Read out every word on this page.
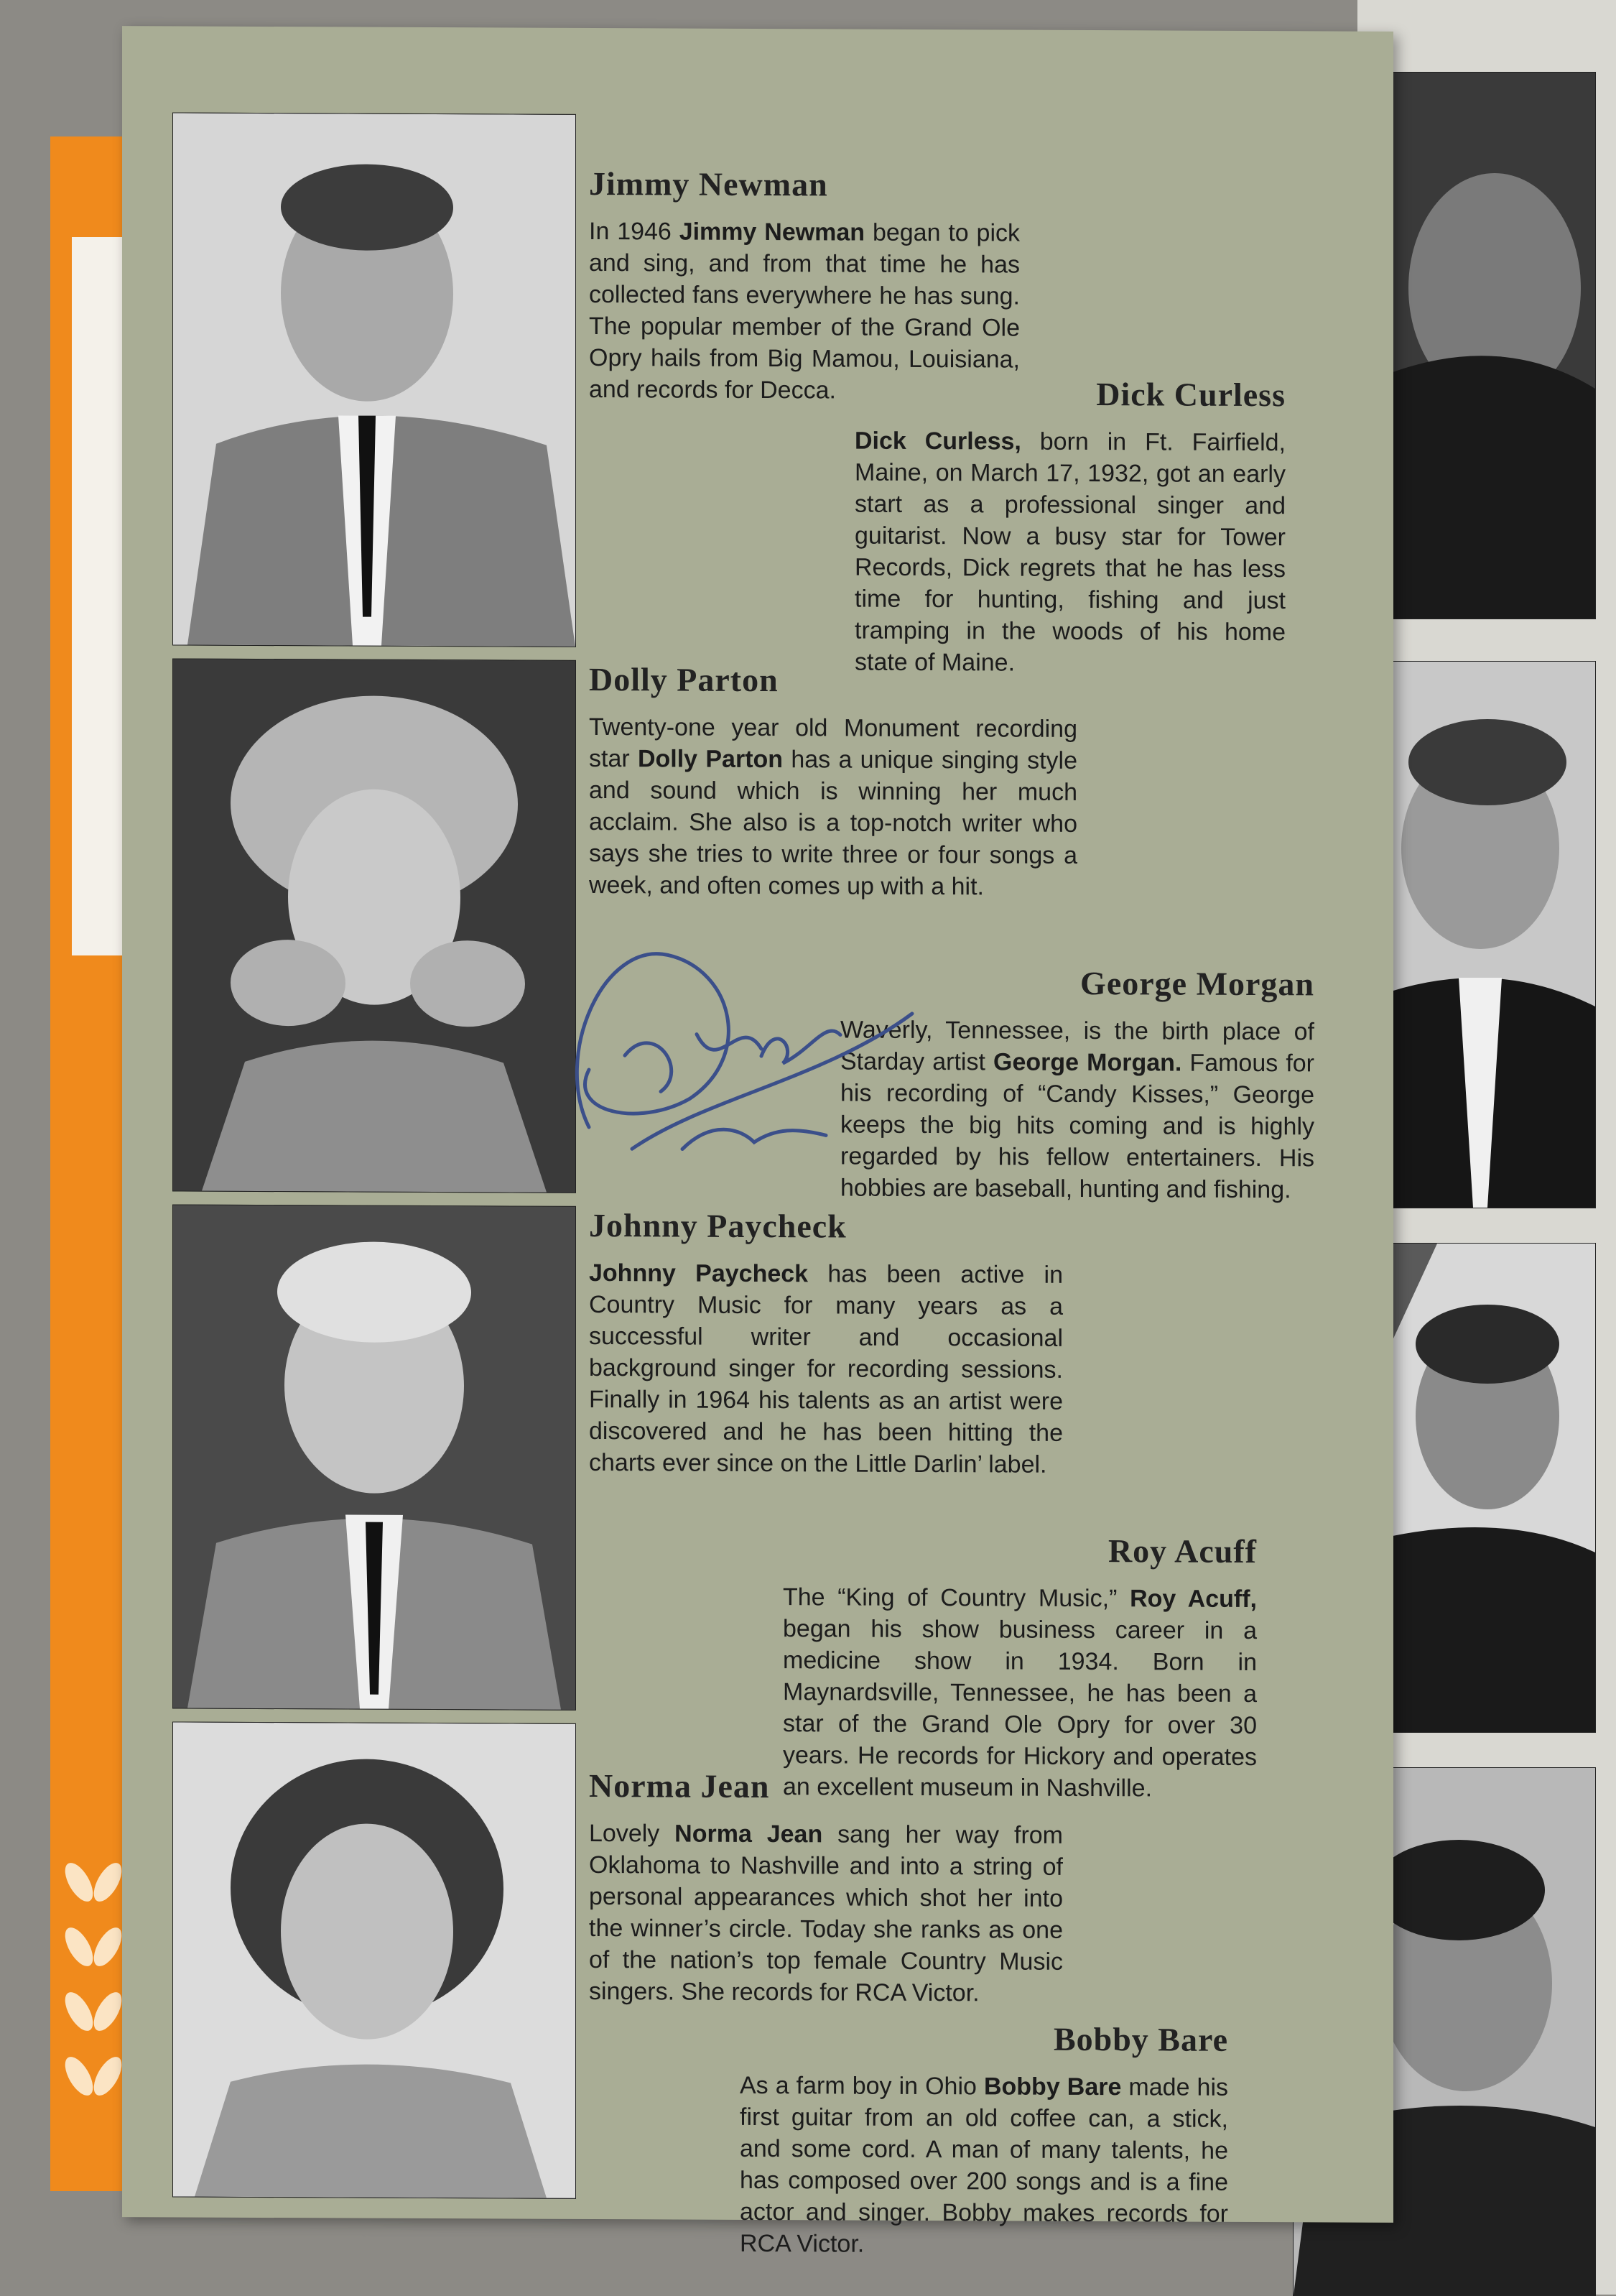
Jimmy Newman

In 1946 Jimmy Newman began to pick and sing, and from that time he has collected fans everywhere he has sung. The popular member of the Grand Ole Opry hails from Big Mamou, Louisiana, and records for Decca.	Dick Curless

Dick Curless, born in Ft. Fairfield, Maine, on March 17, 1932, got an early start as a professional singer and guitarist. Now a busy star for Tower Records, Dick regrets that he has less time for hunting, fishing and just tramping in the woods of his home state of Maine.

Dolly Parton

Twenty-one year old Monument recording star Dolly Parton has a unique singing style and sound which is winning her much acclaim. She also is a top-notch writer who says she tries to write three or four songs a week, and often comes up with a hit.

George Morgan

Waverly, Tennessee, is the birth place of Starday artist George Morgan. Famous for his recording of “Candy Kisses,” George keeps the big hits coming and is highly regarded by his fellow entertainers. His hobbies are baseball, hunting and fishing.

Johnny Paycheck

Johnny Paycheck has been active in Country Music for many years as a successful writer and occasional background singer for recording sessions. Finally in 1964 his talents as an artist were discovered and he has been hitting the charts ever since on the Little Darlin’ label.

Roy Acuff

The “King of Country Music,” Roy Acuff, began his show business career in a medicine show in 1934. Born in Maynardsville, Tennessee, he has been a star of the Grand Ole Opry for over 30 years. He records for Hickory and operates an excellent museum in Nashville.

Norma Jean

Lovely Norma Jean sang her way from Oklahoma to Nashville and into a string of personal appearances which shot her into the winner’s circle. Today she ranks as one of the nation’s top female Country Music singers. She records for RCA Victor.

Bobby Bare

As a farm boy in Ohio Bobby Bare made his first guitar from an old coffee can, a stick, and some cord. A man of many talents, he has composed over 200 songs and is a fine actor and singer. Bobby makes records for RCA Victor.
